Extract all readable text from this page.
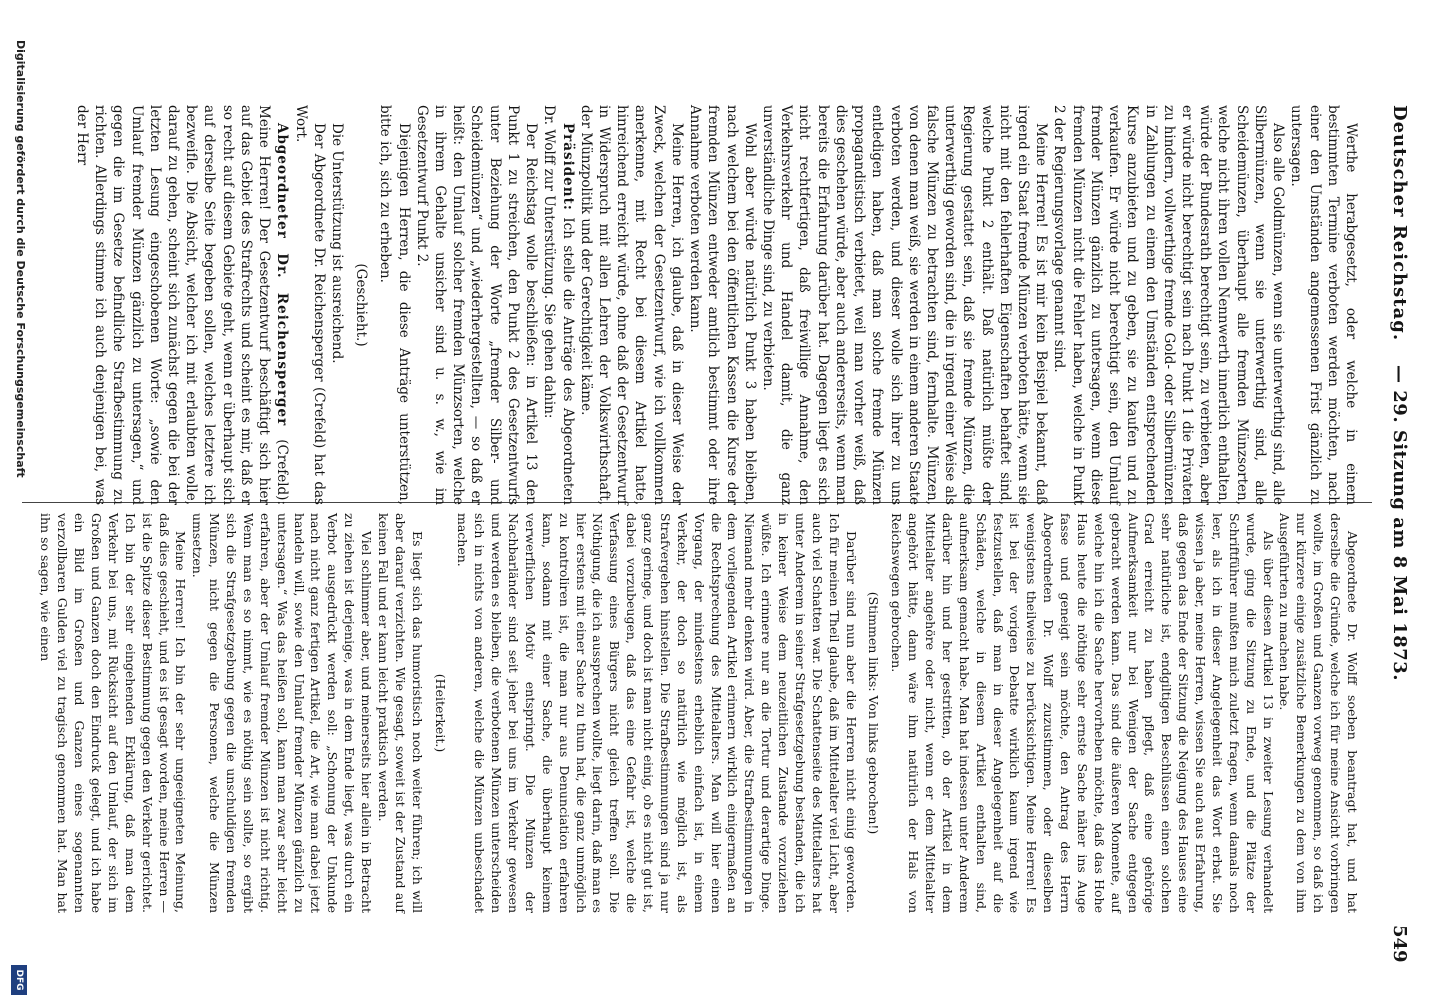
Deutscher Reichstag.
— 29. Sitzung am 8 Mai 1873.
549

Werthe herabgesetzt, oder welche in einem bestimmten Termine verboten werden möchten, nach einer den Umständen angemessenen Frist gänzlich zu untersagen.

Also alle Goldmünzen, wenn sie unterwerthig sind, alle Silbermünzen, wenn sie unterwerthig sind, alle Scheidemünzen, überhaupt alle fremden Münzsorten, welche nicht ihren vollen Nennwerth innerlich enthalten, würde der Bundesrath berechtigt sein, zu verbieten, aber er würde nicht berechtigt sein nach Punkt 1 die Privaten zu hindern, vollwerthige fremde Gold- oder Silbermünzen in Zahlungen zu einem den Umständen entsprechenden Kurse anzubieten und zu geben, sie zu kaufen und zu verkaufen. Er würde nicht berechtigt sein, den Umlauf fremder Münzen gänzlich zu untersagen, wenn diese fremden Münzen nicht die Fehler haben, welche in Punkt 2 der Regierungsvorlage genannt sind.

Meine Herren! Es ist mir kein Beispiel bekannt, daß irgend ein Staat fremde Münzen verboten hätte, wenn sie nicht mit den fehlerhaften Eigenschaften behaftet sind, welche Punkt 2 enthält. Daß natürlich müßte der Regierung gestattet sein, daß sie fremde Münzen, die unterwerthig geworden sind, die in irgend einer Weise als falsche Münzen zu betrachten sind, fernhalte. Münzen, von denen man weiß, sie werden in einem anderen Staate verboten werden, und dieser wolle sich ihrer zu uns entledigen haben, daß man solche fremde Münzen propagandistisch verbietet, weil man vorher weiß, daß dies geschehen würde, aber auch andererseits, wenn man bereits die Erfahrung darüber hat. Dagegen liegt es sich nicht rechtfertigen, daß freiwillige Annahme, den Verkehrsverkehr und Handel damit, die ganz unverständliche Dinge sind, zu verbieten.

Wohl aber würde natürlich Punkt 3 haben bleiben, nach welchem bei den öffentlichen Kassen die Kurse der fremden Münzen entweder amtlich bestimmt oder ihre Annahme verboten werden kann.

Meine Herren, ich glaube, daß in dieser Weise der Zweck, welchen der Gesetzentwurf, wie ich vollkommen anerkenne, mit Recht bei diesem Artikel hatte, hinreichend erreicht würde, ohne daß der Gesetzentwurf in Widerspruch mit allen Lehren der Volkswirthschaft, der Münzpolitik und der Gerechtigkeit käme.

Präsident: Ich stelle die Anträge des Abgeordneten Dr. Wolff zur Unterstützung. Sie gehen dahin:

Der Reichstag wolle beschließen: in Artikel 13 den Punkt 1 zu streichen, den Punkt 2 des Gesetzentwurfs unter Beziehung der Worte „fremder Silber- und Scheidemünzen“ und „wiederhergestellten, — so daß er heißt: den Umlauf solcher fremden Münzsorten, welche in ihrem Gehalte unsicher sind u. s. w., wie im Gesetzentwurf Punkt 2.

Diejenigen Herren, die diese Anträge unterstützen, bitte ich, sich zu erheben.

(Geschieht.)

Die Unterstützung ist ausreichend.

Der Abgeordnete Dr. Reichensperger (Crefeld) hat das Wort.

Abgeordneter Dr. Reichensperger (Crefeld): Meine Herren! Der Gesetzentwurf beschäftigt sich hier auf das Gebiet des Strafrechts und scheint es mir, daß er so recht auf diesem Gebiete geht, wenn er überhaupt sich auf derselbe Seite begeben sollen, welches letztere ich bezweifle. Die Absicht, welcher ich mit erlaubten wolle, darauf zu gehen, scheint sich zunächst gegen die bei der letzten Lesung eingeschobenen Worte: „sowie den Umlauf fremder Münzen gänzlich zu untersagen,“ und gegen die im Gesetze befindliche Strafbestimmung zu richten. Allerdings stimme ich auch denjenigen bei, was der Herr

Abgeordnete Dr. Wolff soeben beantragt hat, und hat derselbe die Gründe, welche ich für meine Ansicht vorbringen wollte, im Großen und Ganzen vorweg genommen, so daß ich nur kürzere einige zusätzliche Bemerkungen zu dem von ihm Ausgeführten zu machen habe.

Als über diesen Artikel 13 in zweiter Lesung verhandelt wurde, ging die Sitzung zu Ende, und die Plätze der Schriftführer mußten mich zuletzt fragen, wenn damals noch leer, als ich in dieser Angelegenheit das Wort erbat. Sie wissen ja aber, meine Herren, wissen Sie auch aus Erfahrung, daß gegen das Ende der Sitzung die Neigung des Hauses eine sehr natürliche ist, endgiltigen Beschlüssen einen solchen Grad erreicht zu haben pflegt, daß eine gehörige Aufmerksamkeit nur bei Wenigen der Sache entgegen gebracht werden kann. Das sind die äußeren Momente, auf welche hin ich die Sache hervorheben möchte, daß das Hohe Haus heute die nöthige sehr ernste Sache näher ins Auge fasse und geneigt sein möchte, den Antrag des Herrn Abgeordneten Dr. Wolff zuzustimmen, oder dieselben wenigstens theilweise zu berücksichtigen. Meine Herren! Es ist bei der vorigen Debatte wirklich kaum irgend wie festzustellen, daß man in dieser Angelegenheit auf die Schäden, welche in diesem Artikel enthalten sind, aufmerksam gemacht habe. Man hat indessen unter Anderem darüber hin und her gestritten, ob der Artikel in dem Mittelalter angehöre oder nicht, wenn er dem Mittelalter angehört hätte, dann wäre ihm natürlich der Hals von Reichswegen gebrochen.

(Stimmen links: Von links gebrochen!)

Darüber sind nun aber die Herren nicht einig geworden. Ich für meinen Theil glaube, daß im Mittelalter viel Licht, aber auch viel Schatten war. Die Schattenseite des Mittelalters hat unter Anderem in seiner Strafgesetzgebung bestanden, die ich in keiner Weise dem neuzeitlichen Zustande vorzuziehen wüßte. Ich erinnere nur an die Tortur und derartige Dinge. Niemand mehr denken wird. Aber, die Strafbestimmungen in dem vorliegenden Artikel erinnern wirklich einigermaßen an die Rechtsprechung des Mittelalters. Man will hier einen Vorgang, der mindestens erheblich einfach ist, in einem Verkehr, der doch so natürlich wie möglich ist, als Strafvergehen hinstellen. Die Strafbestimmungen sind ja nur ganz geringe, und doch ist man nicht einig, ob es nicht gut ist, dabei vorzubeugen, daß das eine Gefahr ist, welche die Verfassung eines Bürgers nicht gleich treffen soll. Die Nöthigung, die ich aussprechen wollte, liegt darin, daß man es hier erstens mit einer Sache zu thun hat, die ganz unmöglich zu kontroliren ist, die man nur aus Denunciation erfahren kann, sodann mit einer Sache, die überhaupt keinem verwerflichen Motiv entspringt. Die Münzen der Nachbarländer sind seit jeher bei uns im Verkehr gewesen und werden es bleiben, die verbotenen Münzen unterscheiden sich in nichts von anderen, welche die Münzen unbeschadet machen.

(Heiterkeit.)

Es liegt sich das humoristisch noch weiter führen; ich will aber darauf verzichten. Wie gesagt, soweit ist der Zustand auf keinen Fall und er kann leicht praktisch werden.

Viel schlimmer aber, und meinerseits hier allein in Betracht zu ziehen ist derjenige, was in dem Ende liegt, was durch ein Verbot ausgedrückt werden soll: „Schonung der Unkunde nach nicht ganz fertigen Artikel, die Art, wie man dabei jetzt handeln will, sowie den Umlauf fremder Münzen gänzlich zu untersagen.“ Was das heißen soll, kann man zwar sehr leicht erfahren, aber der Umlauf fremder Münzen ist nicht richtig. Wenn man es so nimmt, wie es nöthig sein sollte, so ergibt sich die Strafgesetzgebung gegen die unschuldigen fremden Münzen, nicht gegen die Personen, welche die Münzen umsetzen.

Meine Herren! Ich bin der sehr ungeeigneten Meinung, daß dies geschieht, und es ist gesagt worden, meine Herren — ist die Spitze dieser Bestimmung gegen den Verkehr gerichtet. Ich bin der sehr eingehenden Erklärung, daß man dem Verkehr bei uns, mit Rücksicht auf den Umlauf, der sich im Großen und Ganzen doch den Eindruck gelegt, und ich habe ein Bild im Großen und Ganzen eines sogenannten verzollbaren Gulden viel zu tragisch genommen hat. Man hat ihn so sagen, wie einen

Digitalisierung gefördert durch die Deutsche Forschungsgemeinschaft
DFG
